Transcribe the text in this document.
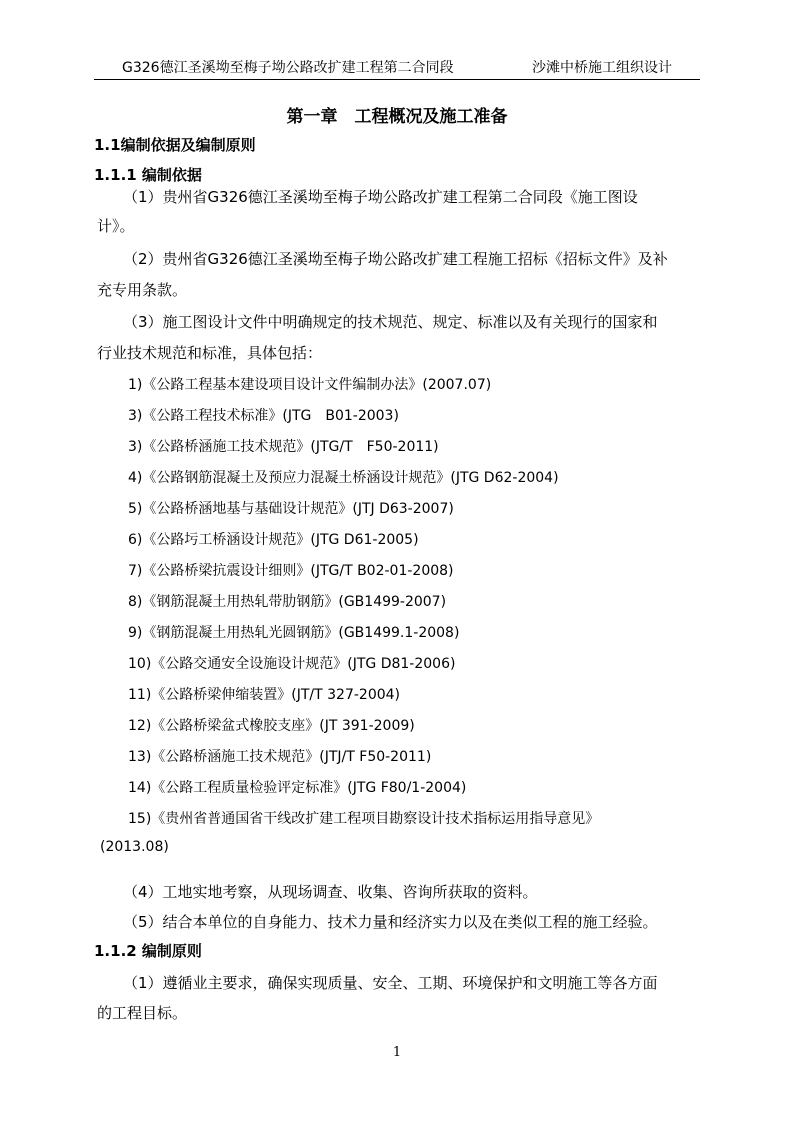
G326德江圣溪坳至梅子坳公路改扩建工程第二合同段	沙滩中桥施工组织设计
第一章　工程概况及施工准备
1.1编制依据及编制原则
1.1.1 编制依据
（1）贵州省G326德江圣溪坳至梅子坳公路改扩建工程第二合同段《施工图设
计》。
（2）贵州省G326德江圣溪坳至梅子坳公路改扩建工程施工招标《招标文件》及补
充专用条款。
（3）施工图设计文件中明确规定的技术规范、规定、标准以及有关现行的国家和
行业技术规范和标准，具体包括：
1)《公路工程基本建设项目设计文件编制办法》(2007.07)
3)《公路工程技术标准》(JTG　B01-2003)
3)《公路桥涵施工技术规范》(JTG/T　F50-2011)
4)《公路钢筋混凝土及预应力混凝土桥涵设计规范》(JTG D62-2004)
5)《公路桥涵地基与基础设计规范》(JTJ D63-2007)
6)《公路圬工桥涵设计规范》(JTG D61-2005)
7)《公路桥梁抗震设计细则》(JTG/T B02-01-2008)
8)《钢筋混凝土用热轧带肋钢筋》(GB1499-2007)
9)《钢筋混凝土用热轧光圆钢筋》(GB1499.1-2008)
10)《公路交通安全设施设计规范》(JTG D81-2006)
11)《公路桥梁伸缩装置》(JT/T 327-2004)
12)《公路桥梁盆式橡胶支座》(JT 391-2009)
13)《公路桥涵施工技术规范》(JTJ/T F50-2011)
14)《公路工程质量检验评定标准》(JTG F80/1-2004)
15)《贵州省普通国省干线改扩建工程项目勘察设计技术指标运用指导意见》
(2013.08)
（4）工地实地考察，从现场调查、收集、咨询所获取的资料。
（5）结合本单位的自身能力、技术力量和经济实力以及在类似工程的施工经验。
1.1.2 编制原则
（1）遵循业主要求，确保实现质量、安全、工期、环境保护和文明施工等各方面
的工程目标。
1
